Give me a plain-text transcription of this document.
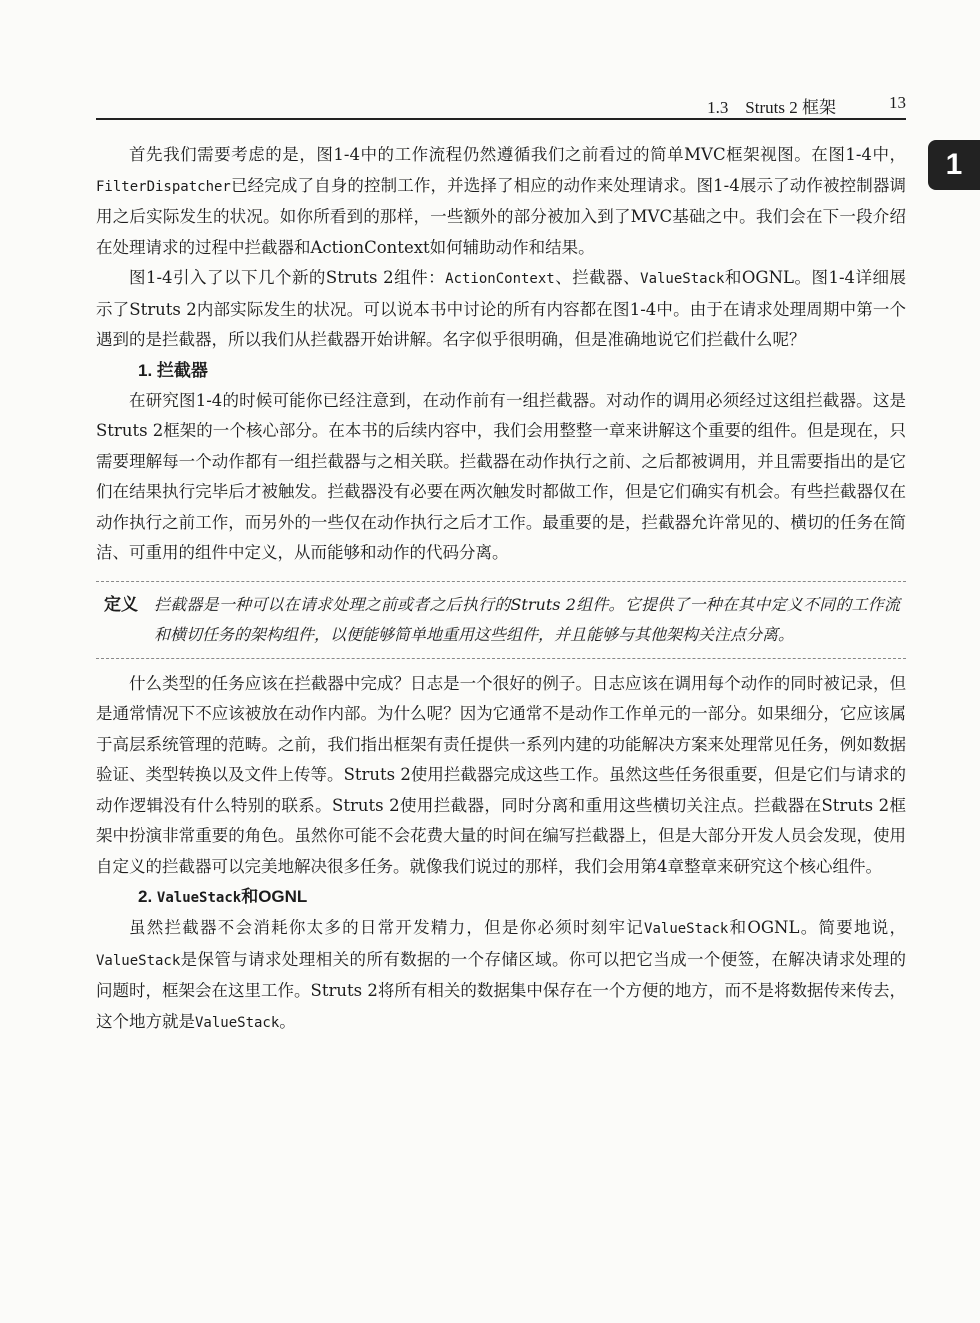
1.3　Struts 2 框架	13
1

首先我们需要考虑的是，图1-4中的工作流程仍然遵循我们之前看过的简单MVC框架视图。在图1-4中，FilterDispatcher已经完成了自身的控制工作，并选择了相应的动作来处理请求。图1-4展示了动作被控制器调用之后实际发生的状况。如你所看到的那样，一些额外的部分被加入到了MVC基础之中。我们会在下一段介绍在处理请求的过程中拦截器和ActionContext如何辅助动作和结果。

图1-4引入了以下几个新的Struts 2组件：ActionContext、拦截器、ValueStack和OGNL。图1-4详细展示了Struts 2内部实际发生的状况。可以说本书中讨论的所有内容都在图1-4中。由于在请求处理周期中第一个遇到的是拦截器，所以我们从拦截器开始讲解。名字似乎很明确，但是准确地说它们拦截什么呢？

1. 拦截器

在研究图1-4的时候可能你已经注意到，在动作前有一组拦截器。对动作的调用必须经过这组拦截器。这是Struts 2框架的一个核心部分。在本书的后续内容中，我们会用整整一章来讲解这个重要的组件。但是现在，只需要理解每一个动作都有一组拦截器与之相关联。拦截器在动作执行之前、之后都被调用，并且需要指出的是它们在结果执行完毕后才被触发。拦截器没有必要在两次触发时都做工作，但是它们确实有机会。有些拦截器仅在动作执行之前工作，而另外的一些仅在动作执行之后才工作。最重要的是，拦截器允许常见的、横切的任务在简洁、可重用的组件中定义，从而能够和动作的代码分离。

定义 拦截器是一种可以在请求处理之前或者之后执行的Struts 2组件。它提供了一种在其中定义不同的工作流和横切任务的架构组件，以便能够简单地重用这些组件，并且能够与其他架构关注点分离。

什么类型的任务应该在拦截器中完成？日志是一个很好的例子。日志应该在调用每个动作的同时被记录，但是通常情况下不应该被放在动作内部。为什么呢？因为它通常不是动作工作单元的一部分。如果细分，它应该属于高层系统管理的范畴。之前，我们指出框架有责任提供一系列内建的功能解决方案来处理常见任务，例如数据验证、类型转换以及文件上传等。Struts 2使用拦截器完成这些工作。虽然这些任务很重要，但是它们与请求的动作逻辑没有什么特别的联系。Struts 2使用拦截器，同时分离和重用这些横切关注点。拦截器在Struts 2框架中扮演非常重要的角色。虽然你可能不会花费大量的时间在编写拦截器上，但是大部分开发人员会发现，使用自定义的拦截器可以完美地解决很多任务。就像我们说过的那样，我们会用第4章整章来研究这个核心组件。

2. ValueStack和OGNL

虽然拦截器不会消耗你太多的日常开发精力，但是你必须时刻牢记ValueStack和OGNL。简要地说，ValueStack是保管与请求处理相关的所有数据的一个存储区域。你可以把它当成一个便签，在解决请求处理的问题时，框架会在这里工作。Struts 2将所有相关的数据集中保存在一个方便的地方，而不是将数据传来传去，这个地方就是ValueStack。
